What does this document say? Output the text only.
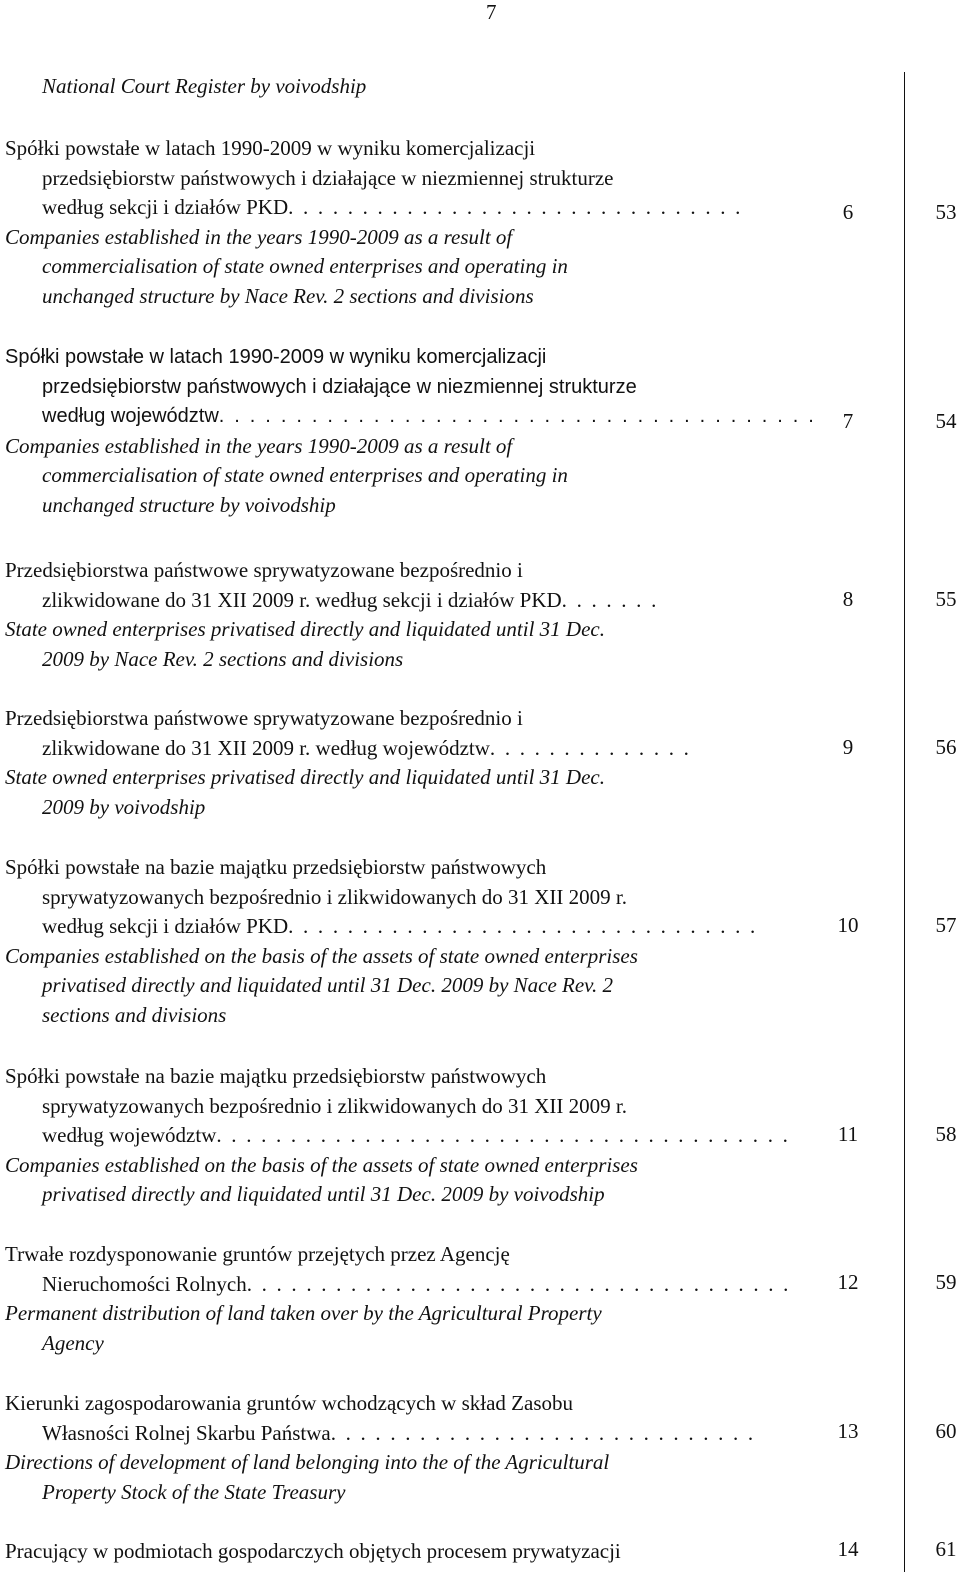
7
National Court Register by voivodship
Spółki powstałe w latach 1990-2009 w wyniku komercjalizacji
przedsiębiorstw państwowych i działające w niezmiennej strukturze
według sekcji i działów PKD. . . . . . . . . . . . . . . . . . . . . . . . . . . . . . .
Companies established in the years 1990-2009 as a result of
commercialisation of state owned enterprises and operating in
unchanged structure by Nace Rev. 2 sections and divisions
6	53
Spółki powstałe w latach 1990-2009 w wyniku komercjalizacji
przedsiębiorstw państwowych i działające w niezmiennej strukturze
według województw. . . . . . . . . . . . . . . . . . . . . . . . . . . . . . . . . . . . . . .
Companies established in the years 1990-2009 as a result of
commercialisation of state owned enterprises and operating in
unchanged structure by voivodship
7	54
Przedsiębiorstwa państwowe sprywatyzowane bezpośrednio i
zlikwidowane do 31 XII 2009 r. według sekcji i działów PKD. . . . . . .
State owned enterprises privatised directly and liquidated until 31 Dec.
2009 by Nace Rev. 2 sections and divisions
8	55
Przedsiębiorstwa państwowe sprywatyzowane bezpośrednio i
zlikwidowane do 31 XII 2009 r. według województw. . . . . . . . . . . . . .
State owned enterprises privatised directly and liquidated until 31 Dec.
2009 by voivodship
9	56
Spółki powstałe na bazie majątku przedsiębiorstw państwowych
sprywatyzowanych bezpośrednio i zlikwidowanych do 31 XII 2009 r.
według sekcji i działów PKD. . . . . . . . . . . . . . . . . . . . . . . . . . . . . . . .
Companies established on the basis of the assets of state owned enterprises
privatised directly and liquidated until 31 Dec. 2009 by Nace Rev. 2
sections and divisions
10	57
Spółki powstałe na bazie majątku przedsiębiorstw państwowych
sprywatyzowanych bezpośrednio i zlikwidowanych do 31 XII 2009 r.
według województw. . . . . . . . . . . . . . . . . . . . . . . . . . . . . . . . . . . . . . .
Companies established on the basis of the assets of state owned enterprises
privatised directly and liquidated until 31 Dec. 2009 by voivodship
11	58
Trwałe rozdysponowanie gruntów przejętych przez Agencję
Nieruchomości Rolnych. . . . . . . . . . . . . . . . . . . . . . . . . . . . . . . . . . . . .
Permanent distribution of land taken over by the Agricultural Property
Agency
12	59
Kierunki zagospodarowania gruntów wchodzących w skład Zasobu
Własności Rolnej Skarbu Państwa. . . . . . . . . . . . . . . . . . . . . . . . . . . . .
Directions of development of land belonging into the of the Agricultural
Property Stock of the State Treasury
13	60
Pracujący w podmiotach gospodarczych objętych procesem prywatyzacji	14	61
